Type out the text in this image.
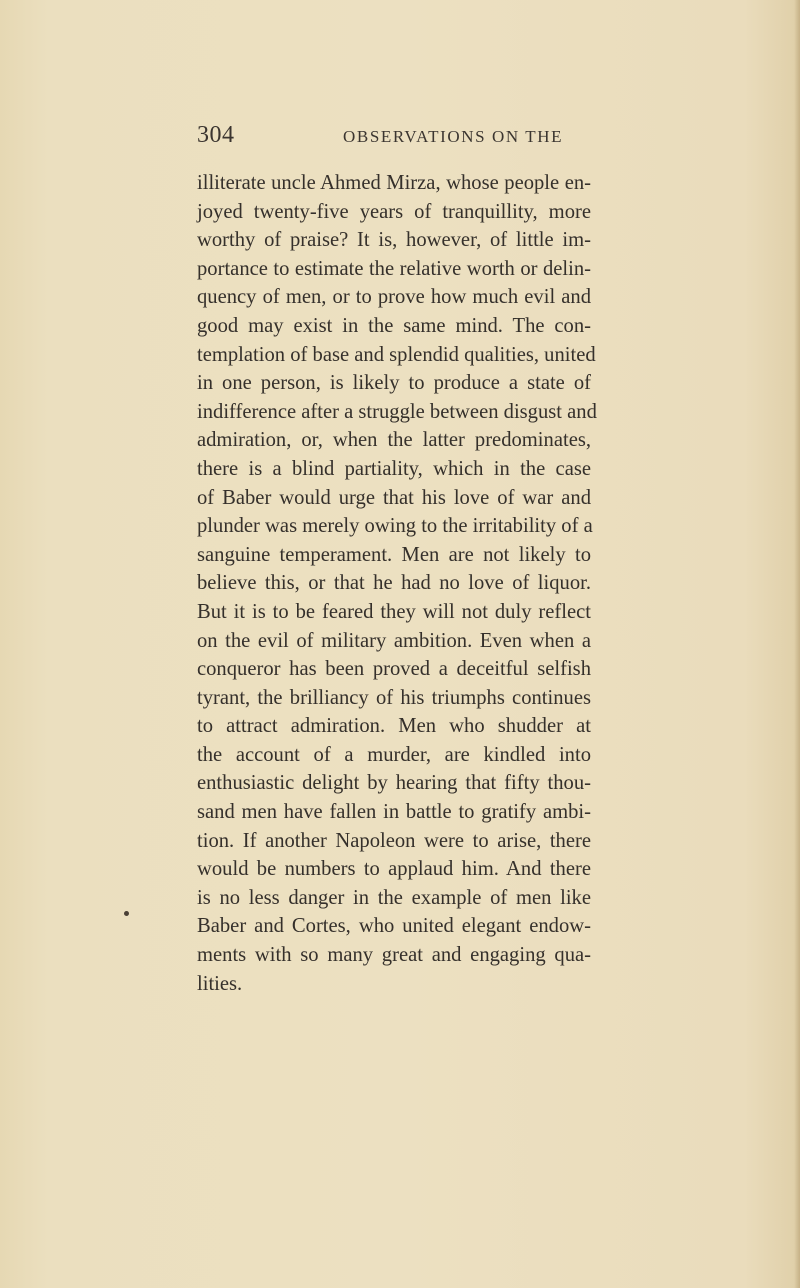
304	OBSERVATIONS ON THE
illiterate uncle Ahmed Mirza, whose people en-
joyed twenty-five years of tranquillity, more
worthy of praise? It is, however, of little im-
portance to estimate the relative worth or delin-
quency of men, or to prove how much evil and
good may exist in the same mind. The con-
templation of base and splendid qualities, united
in one person, is likely to produce a state of
indifference after a struggle between disgust and
admiration, or, when the latter predominates,
there is a blind partiality, which in the case
of Baber would urge that his love of war and
plunder was merely owing to the irritability of a
sanguine temperament. Men are not likely to
believe this, or that he had no love of liquor.
But it is to be feared they will not duly reflect
on the evil of military ambition. Even when a
conqueror has been proved a deceitful selfish
tyrant, the brilliancy of his triumphs continues
to attract admiration. Men who shudder at
the account of a murder, are kindled into
enthusiastic delight by hearing that fifty thou-
sand men have fallen in battle to gratify ambi-
tion. If another Napoleon were to arise, there
would be numbers to applaud him. And there
is no less danger in the example of men like
Baber and Cortes, who united elegant endow-
ments with so many great and engaging qua-
lities.
